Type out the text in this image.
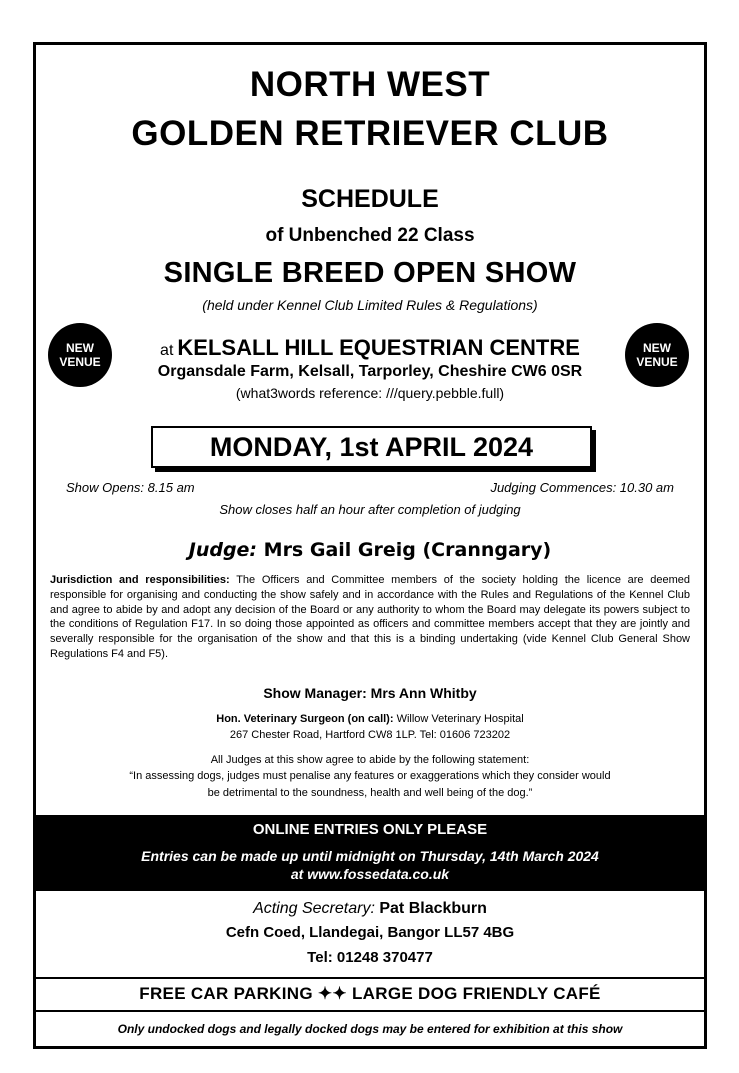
NORTH WEST
GOLDEN RETRIEVER CLUB
SCHEDULE
of Unbenched 22 Class
SINGLE BREED OPEN SHOW
(held under Kennel Club Limited Rules & Regulations)
NEW
VENUE
NEW
VENUE
at KELSALL HILL EQUESTRIAN CENTRE
Organsdale Farm, Kelsall, Tarporley, Cheshire CW6 0SR
(what3words reference: ///query.pebble.full)
MONDAY, 1st APRIL 2024
Show Opens: 8.15 am	Judging Commences: 10.30 am
Show closes half an hour after completion of judging
Judge: Mrs Gail Greig (Cranngary)
Jurisdiction and responsibilities: The Officers and Committee members of the society holding the licence are deemed responsible for organising and conducting the show safely and in accordance with the Rules and Regulations of the Kennel Club and agree to abide by and adopt any decision of the Board or any authority to whom the Board may delegate its powers subject to the conditions of Regulation F17. In so doing those appointed as officers and committee members accept that they are jointly and severally responsible for the organisation of the show and that this is a binding undertaking (vide Kennel Club General Show Regulations F4 and F5).
Show Manager: Mrs Ann Whitby
Hon. Veterinary Surgeon (on call): Willow Veterinary Hospital
267 Chester Road, Hartford CW8 1LP. Tel: 01606 723202
All Judges at this show agree to abide by the following statement:
“In assessing dogs, judges must penalise any features or exaggerations which they consider would
be detrimental to the soundness, health and well being of the dog.”
ONLINE ENTRIES ONLY PLEASE
Entries can be made up until midnight on Thursday, 14th March 2024
at www.fossedata.co.uk
Acting Secretary: Pat Blackburn
Cefn Coed, Llandegai, Bangor LL57 4BG
Tel: 01248 370477
FREE CAR PARKING ✦✦ LARGE DOG FRIENDLY CAFÉ
Only undocked dogs and legally docked dogs may be entered for exhibition at this show
